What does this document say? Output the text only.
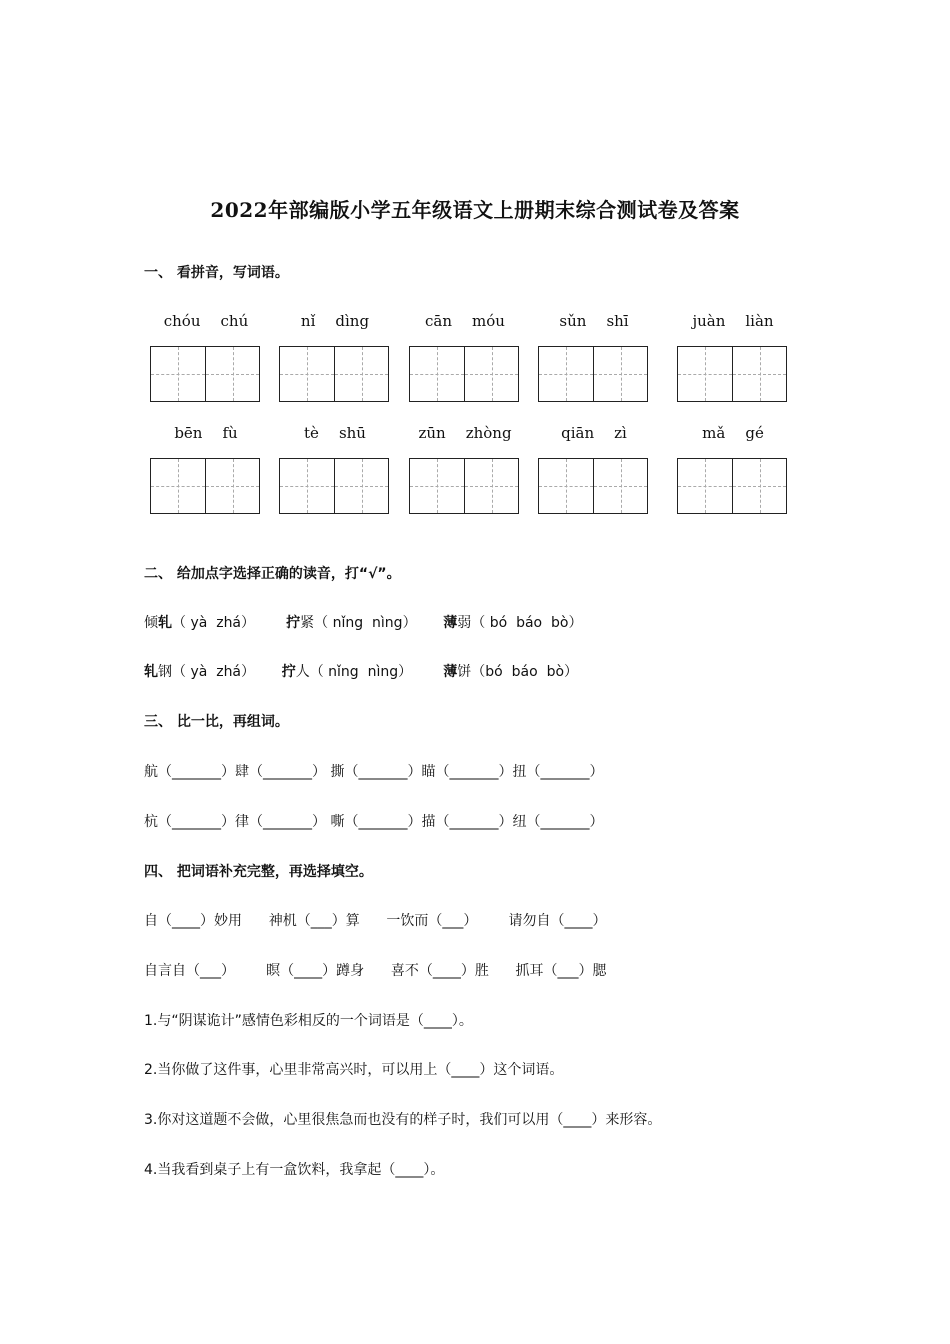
2022年部编版小学五年级语文上册期末综合测试卷及答案
一、 看拼音，写词语。
chóu chú	nǐ dìng	cān móu	sǔn shī	juàn liàn
bēn fù	tè shū	zūn zhòng	qiān zì	mǎ gé
二、 给加点字选择正确的读音，打“√”。
倾轧（ yà  zhá） 拧紧（ nǐng  nìng） 薄弱（ bó  báo  bò）
轧钢（ yà  zhá） 拧人（ nǐng  nìng） 薄饼（bó  báo  bò）
三、 比一比，再组词。
航（_______）肆（_______） 撕（_______）瞄（_______）扭（_______）
杭（_______）律（_______） 嘶（_______）描（_______）纽（_______）
四、 把词语补充完整，再选择填空。
自（____）妙用      神机（___）算      一饮而（___）       请勿自（____）
自言自（___）       瞑（____）蹲身      喜不（____）胜      抓耳（___）腮
1.与“阴谋诡计”感情色彩相反的一个词语是（____）。
2.当你做了这件事，心里非常高兴时，可以用上（____）这个词语。
3.你对这道题不会做，心里很焦急而也没有的样子时，我们可以用（____）来形容。
4.当我看到桌子上有一盒饮料，我拿起（____）。
